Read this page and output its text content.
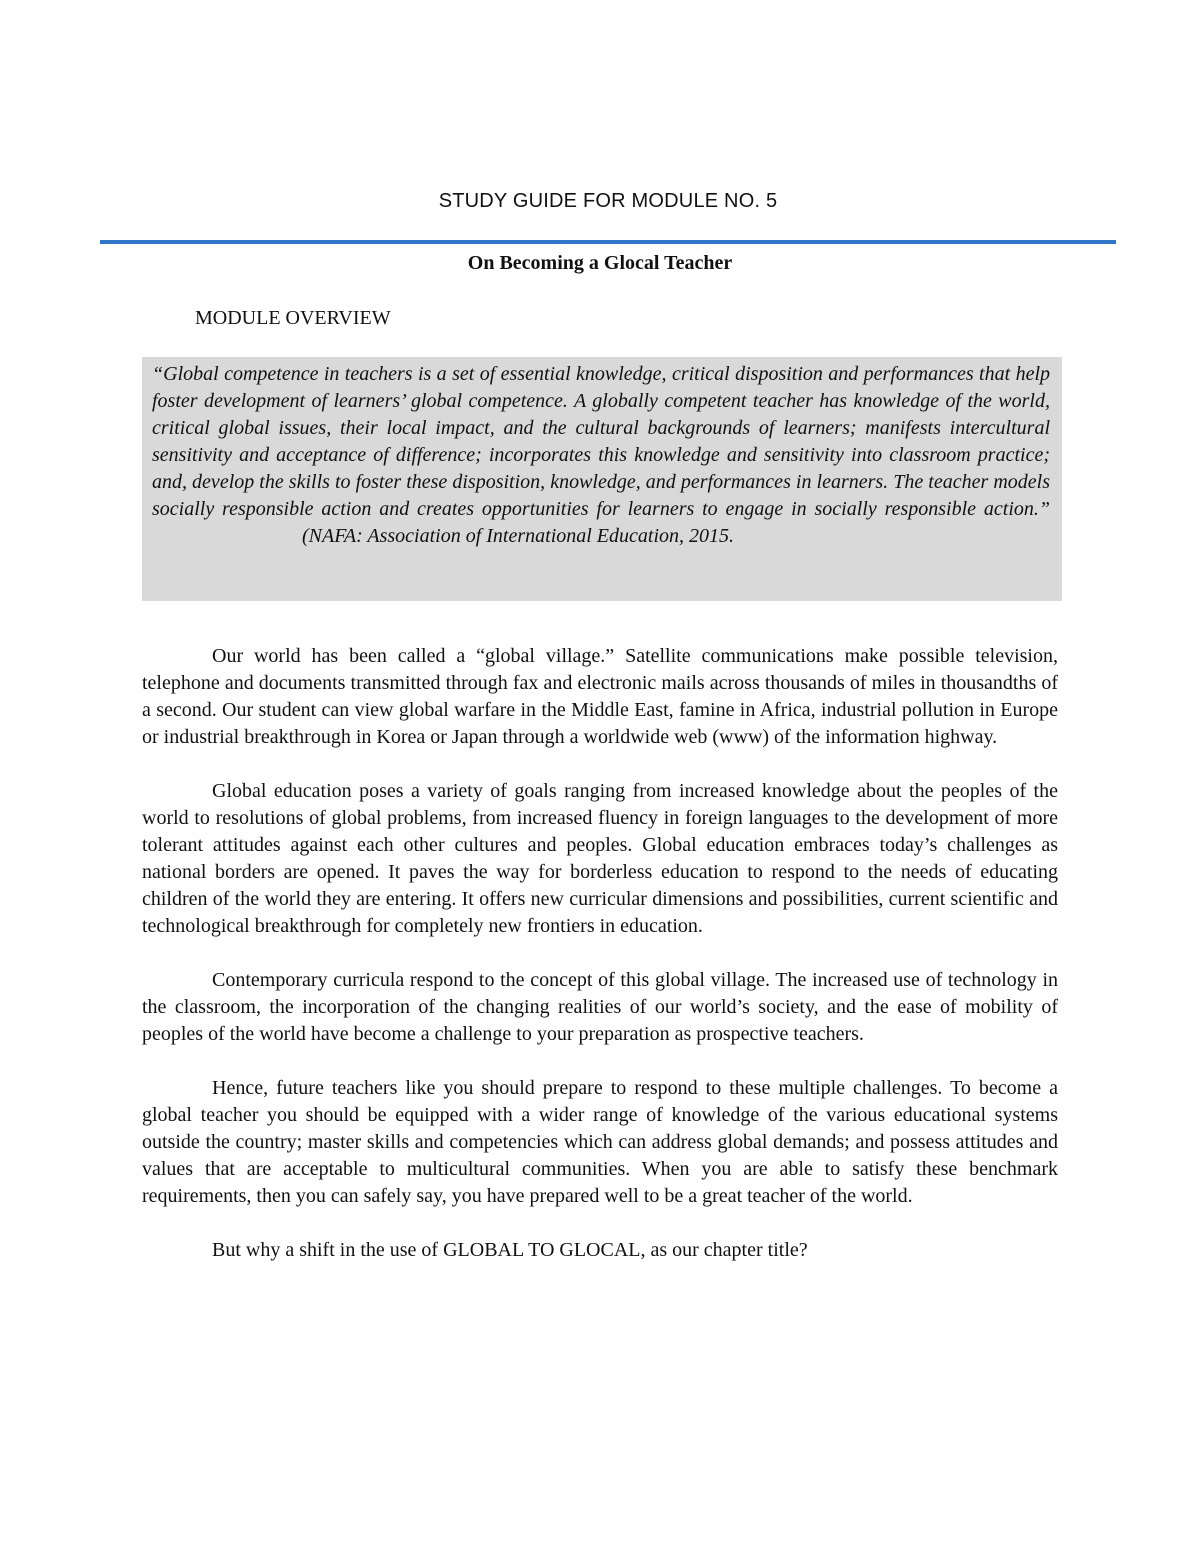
STUDY GUIDE FOR MODULE NO. 5
On Becoming a Glocal Teacher
MODULE OVERVIEW

“Global competence in teachers is a set of essential knowledge, critical disposition and performances that help foster development of learners’ global competence. A globally competent teacher has knowledge of the world, critical global issues, their local impact, and the cultural backgrounds of learners; manifests intercultural sensitivity and acceptance of difference; incorporates this knowledge and sensitivity into classroom practice; and, develop the skills to foster these disposition, knowledge, and performances in learners. The teacher models socially responsible action and creates opportunities for learners to engage in socially responsible action.”(NAFA: Association of International Education, 2015.

Our world has been called a “global village.” Satellite communications make possible television, telephone and documents transmitted through fax and electronic mails across thousands of miles in thousandths of a second. Our student can view global warfare in the Middle East, famine in Africa, industrial pollution in Europe or industrial breakthrough in Korea or Japan through a worldwide web (www) of the information highway.

Global education poses a variety of goals ranging from increased knowledge about the peoples of the world to resolutions of global problems, from increased fluency in foreign languages to the development of more tolerant attitudes against each other cultures and peoples. Global education embraces today’s challenges as national borders are opened. It paves the way for borderless education to respond to the needs of educating children of the world they are entering. It offers new curricular dimensions and possibilities, current scientific and technological breakthrough for completely new frontiers in education.

Contemporary curricula respond to the concept of this global village. The increased use of technology in the classroom, the incorporation of the changing realities of our world’s society, and the ease of mobility of peoples of the world have become a challenge to your preparation as prospective teachers.

Hence, future teachers like you should prepare to respond to these multiple challenges. To become a global teacher you should be equipped with a wider range of knowledge of the various educational systems outside the country; master skills and competencies which can address global demands; and possess attitudes and values that are acceptable to multicultural communities. When you are able to satisfy these benchmark requirements, then you can safely say, you have prepared well to be a great teacher of the world.

But why a shift in the use of GLOBAL TO GLOCAL, as our chapter title?
